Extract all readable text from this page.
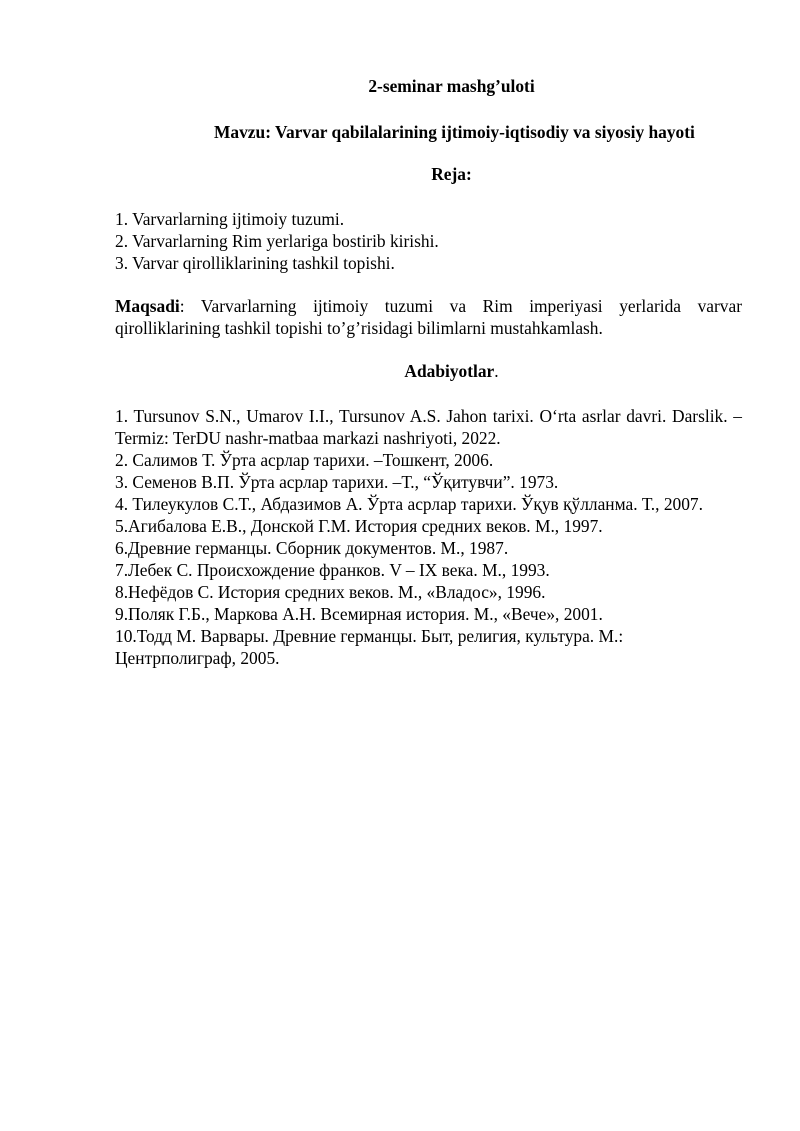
2-seminar mashg’uloti

Mavzu: Varvar qabilalarining ijtimoiy-iqtisodiy va siyosiy hayoti

Reja:

1. Varvarlarning ijtimoiy tuzumi.

2. Varvarlarning Rim yerlariga bostirib kirishi.

3. Varvar qirolliklarining tashkil topishi.

Maqsadi: Varvarlarning ijtimoiy tuzumi va Rim imperiyasi yerlarida varvar qirolliklarining tashkil topishi to’g’risidagi bilimlarni mustahkamlash.

Adabiyotlar.

1. Tursunov S.N., Umarov I.I., Tursunov A.S. Jahon tarixi. O‘rta asrlar davri. Darslik. –Termiz: TerDU nashr-matbaa markazi nashriyoti, 2022.

2. Салимов Т. Ўрта асрлар тарихи. –Тошкент, 2006.

3. Семенов В.П. Ўрта асрлар тарихи. –Т., “Ўқитувчи”. 1973.

4. Тилеукулов С.Т., Абдазимов А. Ўрта асрлар тарихи. Ўқув қўлланма. Т., 2007.

5.Агибалова Е.В., Донской Г.М. История средних веков. М., 1997.

6.Древние германцы. Сборник документов. М., 1987.

7.Лебек С. Происхождение франков. V – IX века. М., 1993.

8.Нефёдов С. История средних веков. М., «Владос», 1996.

9.Поляк Г.Б., Маркова А.Н. Всемирная история. М., «Вече», 2001.

10.Тодд М. Варвары. Древние германцы. Быт, религия, культура. М.: Центрполиграф, 2005.
